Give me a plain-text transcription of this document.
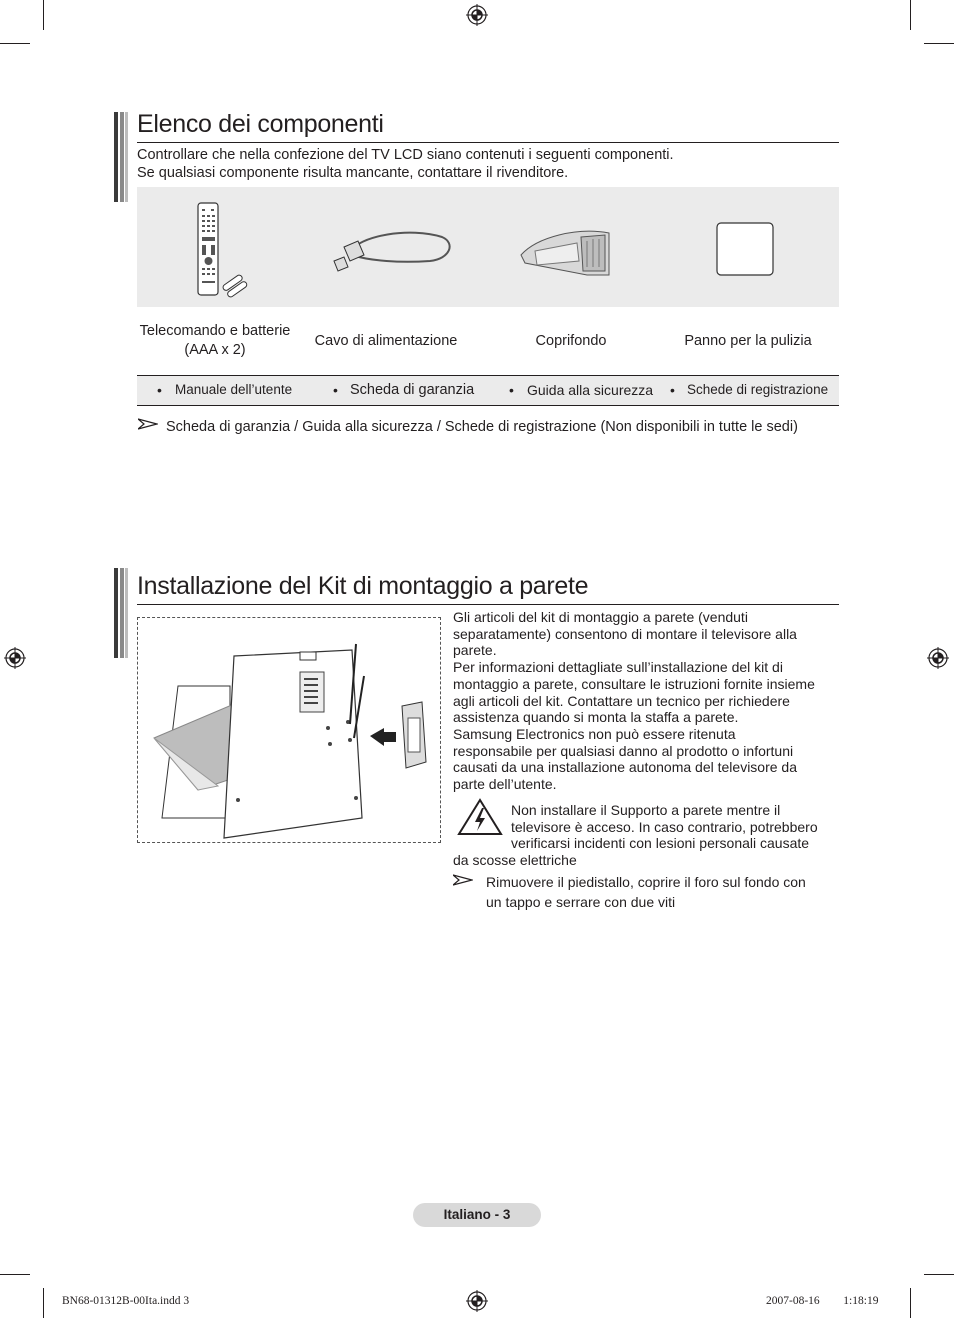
Elenco dei componenti

Controllare che nella confezione del TV LCD siano contenuti i seguenti componenti.

Se qualsiasi componente risulta mancante, contattare il rivenditore.

Telecomando e batterie
(AAA x 2)
Cavo di alimentazione	Coprifondo	Panno per la pulizia
• Manuale dell’utente	• Scheda di garanzia • Guida alla sicurezza • Schede di registrazione

Scheda di garanzia / Guida alla sicurezza / Schede di registrazione (Non disponibili in tutte le sedi)

Installazione del Kit di montaggio a parete
Gli articoli del kit di montaggio a parete (venduti
separatamente) consentono di montare il televisore alla
parete.
Per informazioni dettagliate sull’installazione del kit di
montaggio a parete, consultare le istruzioni fornite insieme
agli articoli del kit. Contattare un tecnico per richiedere
assistenza quando si monta la staffa a parete.
Samsung Electronics non può essere ritenuta
responsabile per qualsiasi danno al prodotto o infortuni
causati da una installazione autonoma del televisore da
parte dell’utente.
Non installare il Supporto a parete mentre il
televisore è acceso. In caso contrario, potrebbero
verificarsi incidenti con lesioni personali causate
da scosse elettriche
Rimuovere il piedistallo, coprire il foro sul fondo con
un tappo e serrare con due viti
Italiano - 3
BN68-01312B-00Ita.indd 3	2007-08-16 ￿￿ 1:18:19
